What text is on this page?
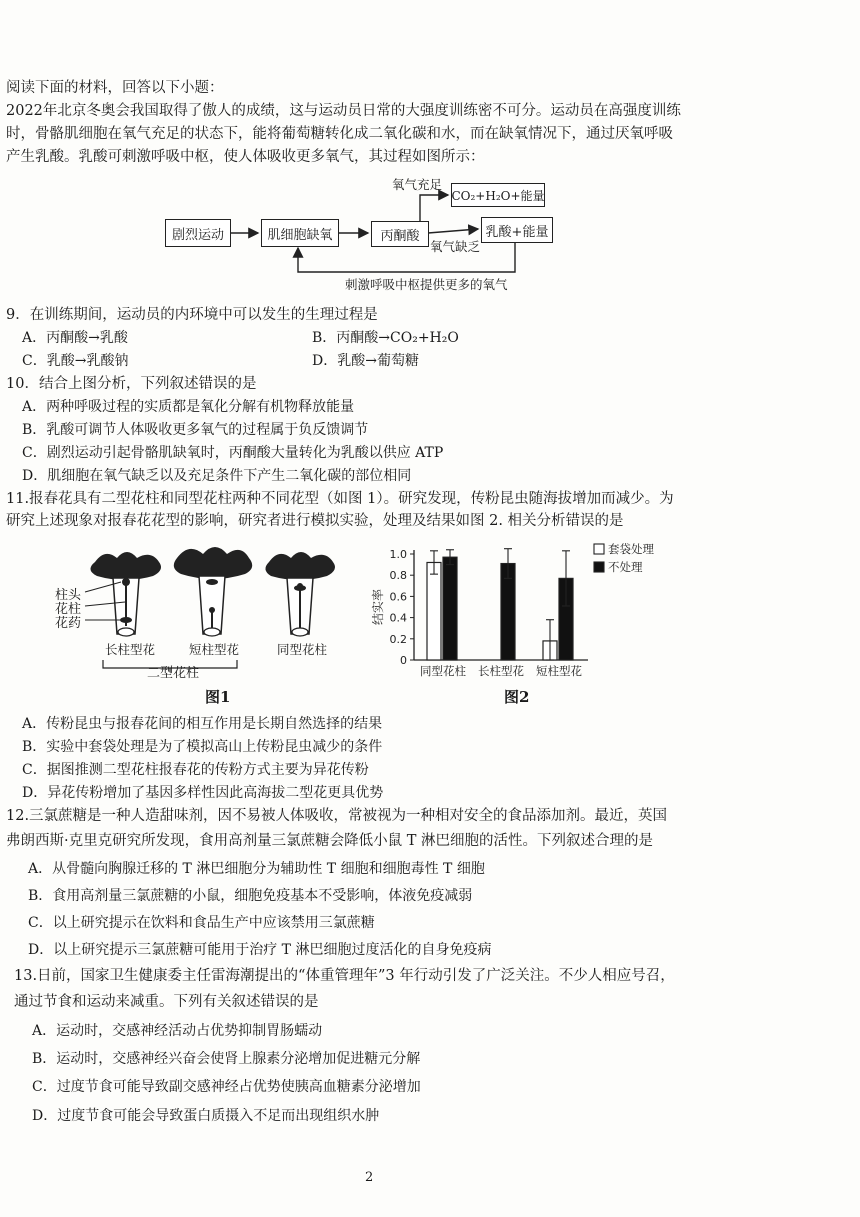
阅读下面的材料，回答以下小题：
2022年北京冬奥会我国取得了傲人的成绩，这与运动员日常的大强度训练密不可分。运动员在高强度训练
时，骨骼肌细胞在氧气充足的状态下，能将葡萄糖转化成二氧化碳和水，而在缺氧情况下，通过厌氧呼吸
产生乳酸。乳酸可刺激呼吸中枢，使人体吸收更多氧气，其过程如图所示：
剧烈运动	肌细胞缺氧	丙酮酸
CO₂+H₂O+能量
乳酸+能量
氧气充足
氧气缺乏
刺激呼吸中枢提供更多的氧气
9．在训练期间，运动员的内环境中可以发生的生理过程是
A．丙酮酸→乳酸	B．丙酮酸→CO₂+H₂O
C．乳酸→乳酸钠	D．乳酸→葡萄糖
10．结合上图分析，下列叙述错误的是
A．两种呼吸过程的实质都是氧化分解有机物释放能量
B．乳酸可调节人体吸收更多氧气的过程属于负反馈调节
C．剧烈运动引起骨骼肌缺氧时，丙酮酸大量转化为乳酸以供应 ATP
D．肌细胞在氧气缺乏以及充足条件下产生二氧化碳的部位相同
11.报春花具有二型花柱和同型花柱两种不同花型（如图 1）。研究发现，传粉昆虫随海拔增加而减少。为
研究上述现象对报春花花型的影响，研究者进行模拟实验，处理及结果如图 2. 相关分析错误的是
柱头
花柱
花药
长柱型花	短柱型花	同型花柱
二型花柱
图1
0
0.2
0.4
0.6
0.8
1.0
结实率
同型花柱 长柱型花 短柱型花
套袋处理
不处理
图2
A．传粉昆虫与报春花间的相互作用是长期自然选择的结果
B．实验中套袋处理是为了模拟高山上传粉昆虫减少的条件
C．据图推测二型花柱报春花的传粉方式主要为异花传粉
D．异花传粉增加了基因多样性因此高海拔二型花更具优势
12.三氯蔗糖是一种人造甜味剂，因不易被人体吸收，常被视为一种相对安全的食品添加剂。最近，英国
弗朗西斯·克里克研究所发现，食用高剂量三氯蔗糖会降低小鼠 T 淋巴细胞的活性。下列叙述合理的是
A．从骨髓向胸腺迁移的 T 淋巴细胞分为辅助性 T 细胞和细胞毒性 T 细胞
B．食用高剂量三氯蔗糖的小鼠，细胞免疫基本不受影响，体液免疫减弱
C．以上研究提示在饮料和食品生产中应该禁用三氯蔗糖
D．以上研究提示三氯蔗糖可能用于治疗 T 淋巴细胞过度活化的自身免疫病
13.日前，国家卫生健康委主任雷海潮提出的“体重管理年”3 年行动引发了广泛关注。不少人相应号召，
通过节食和运动来减重。下列有关叙述错误的是
A．运动时，交感神经活动占优势抑制胃肠蠕动
B．运动时，交感神经兴奋会使肾上腺素分泌增加促进糖元分解
C．过度节食可能导致副交感神经占优势使胰高血糖素分泌增加
D．过度节食可能会导致蛋白质摄入不足而出现组织水肿
2
